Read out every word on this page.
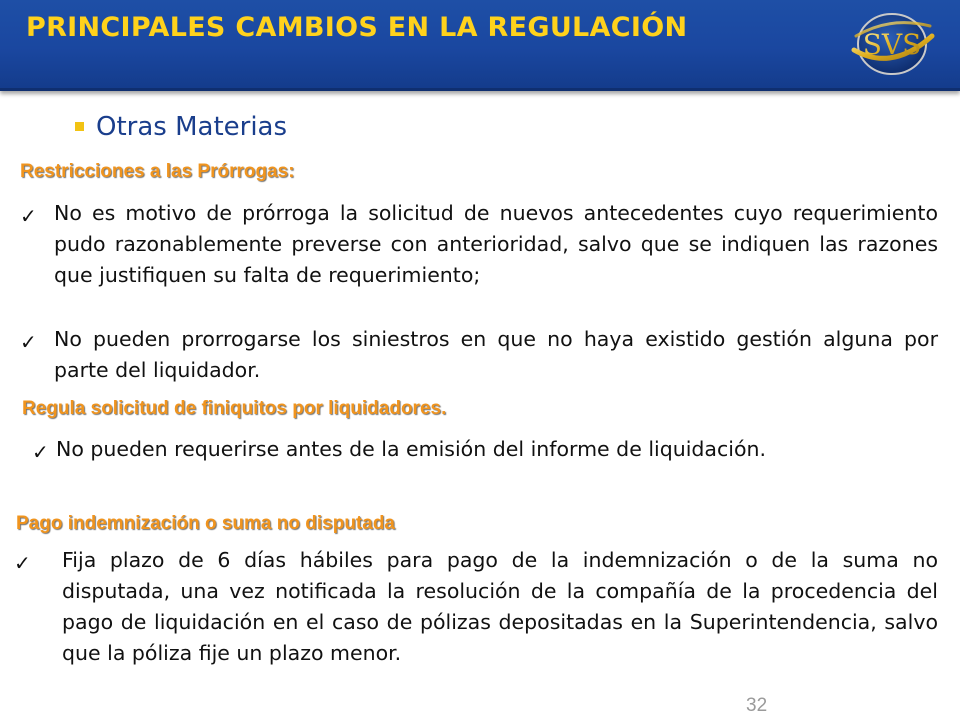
PRINCIPALES CAMBIOS EN LA REGULACIÓN
SVS
Otras Materias
Restricciones a las Prórrogas:
✓ No es motivo de prórroga la solicitud de nuevos antecedentes cuyo requerimiento pudo razonablemente preverse con anterioridad, salvo que se indiquen las razones que justifiquen su falta de requerimiento;
✓ No pueden prorrogarse los siniestros en que no haya existido gestión alguna por parte del liquidador.
Regula solicitud de finiquitos por liquidadores.
✓ No pueden requerirse antes de la emisión del informe de liquidación.
Pago indemnización o suma no disputada
✓ Fija plazo de 6 días hábiles para pago de la indemnización o de la suma no disputada, una vez notificada la resolución de la compañía de la procedencia del pago de liquidación en el caso de pólizas depositadas en la Superintendencia, salvo que la póliza fije un plazo menor.
32
